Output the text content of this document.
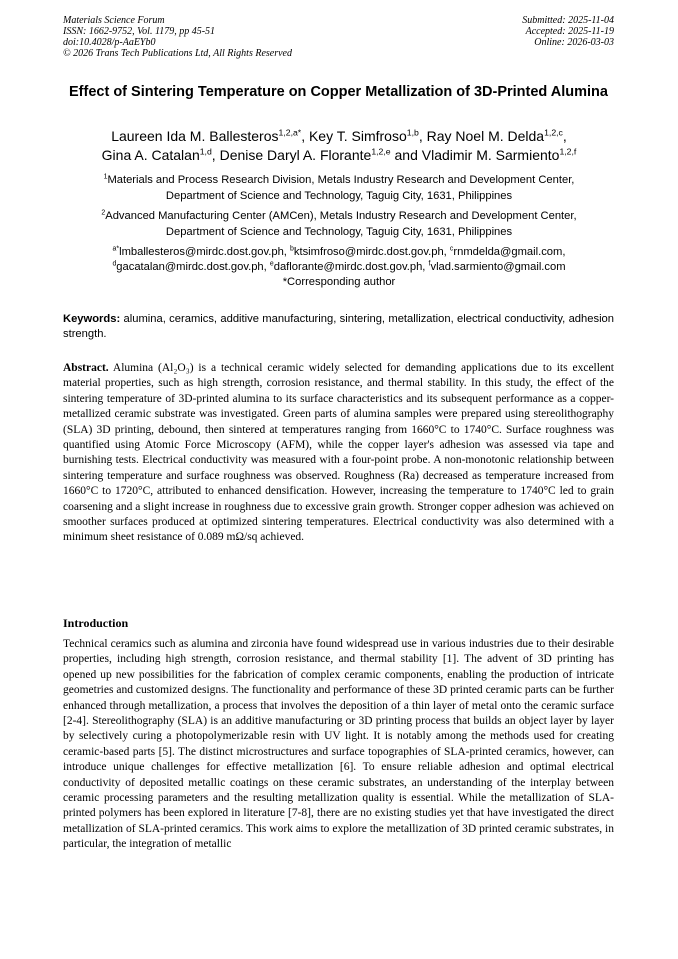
Materials Science Forum
ISSN: 1662-9752, Vol. 1179, pp 45-51
doi:10.4028/p-AaEYb0
© 2026 Trans Tech Publications Ltd, All Rights Reserved
Submitted: 2025-11-04
Accepted: 2025-11-19
Online: 2026-03-03
Effect of Sintering Temperature on Copper Metallization of 3D-Printed Alumina
Laureen Ida M. Ballesteros$^{1,2,a*}$, Key T. Simfroso$^{1,b}$, Ray Noel M. Delda$^{1,2,c}$,
Gina A. Catalan$^{1,d}$, Denise Daryl A. Florante$^{1,2,e}$ and Vladimir M. Sarmiento$^{1,2,f}$
$^1$Materials and Process Research Division, Metals Industry Research and Development Center,
Department of Science and Technology, Taguig City, 1631, Philippines
$^2$Advanced Manufacturing Center (AMCen), Metals Industry Research and Development Center,
Department of Science and Technology, Taguig City, 1631, Philippines
$^{a*}$lmballesteros@mirdc.dost.gov.ph, $^b$ktsimfroso@mirdc.dost.gov.ph, $^c$rnmdelda@gmail.com,
$^d$gacatalan@mirdc.dost.gov.ph, $^e$daflorante@mirdc.dost.gov.ph, $^f$vlad.sarmiento@gmail.com
*Corresponding author
Keywords: alumina, ceramics, additive manufacturing, sintering, metallization, electrical conductivity, adhesion strength.
Abstract. Alumina (Al₂O₃) is a technical ceramic widely selected for demanding applications due to its excellent material properties, such as high strength, corrosion resistance, and thermal stability. In this study, the effect of the sintering temperature of 3D-printed alumina to its surface characteristics and its subsequent performance as a copper-metallized ceramic substrate was investigated. Green parts of alumina samples were prepared using stereolithography (SLA) 3D printing, debound, then sintered at temperatures ranging from 1660°C to 1740°C. Surface roughness was quantified using Atomic Force Microscopy (AFM), while the copper layer's adhesion was assessed via tape and burnishing tests. Electrical conductivity was measured with a four-point probe. A non-monotonic relationship between sintering temperature and surface roughness was observed. Roughness (Ra) decreased as temperature increased from 1660°C to 1720°C, attributed to enhanced densification. However, increasing the temperature to 1740°C led to grain coarsening and a slight increase in roughness due to excessive grain growth. Stronger copper adhesion was achieved on smoother surfaces produced at optimized sintering temperatures. Electrical conductivity was also determined with a minimum sheet resistance of 0.089 mΩ/sq achieved.
Introduction
Technical ceramics such as alumina and zirconia have found widespread use in various industries due to their desirable properties, including high strength, corrosion resistance, and thermal stability [1]. The advent of 3D printing has opened up new possibilities for the fabrication of complex ceramic components, enabling the production of intricate geometries and customized designs. The functionality and performance of these 3D printed ceramic parts can be further enhanced through metallization, a process that involves the deposition of a thin layer of metal onto the ceramic surface [2-4]. Stereolithography (SLA) is an additive manufacturing or 3D printing process that builds an object layer by layer by selectively curing a photopolymerizable resin with UV light. It is notably among the methods used for creating ceramic-based parts [5]. The distinct microstructures and surface topographies of SLA-printed ceramics, however, can introduce unique challenges for effective metallization [6]. To ensure reliable adhesion and optimal electrical conductivity of deposited metallic coatings on these ceramic substrates, an understanding of the interplay between ceramic processing parameters and the resulting metallization quality is essential. While the metallization of SLA-printed polymers has been explored in literature [7-8], there are no existing studies yet that have investigated the direct metallization of SLA-printed ceramics. This work aims to explore the metallization of 3D printed ceramic substrates, in particular, the integration of metallic
